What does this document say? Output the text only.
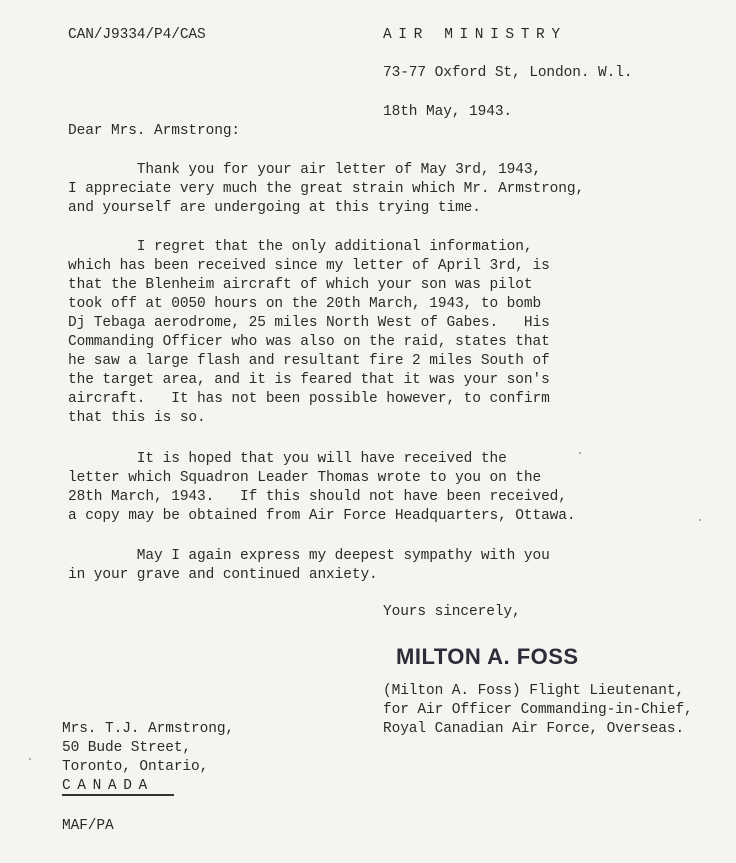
CAN/J9334/P4/CAS	AIR MINISTRY
73-77 Oxford St, London. W.l.
18th May, 1943.
Dear Mrs. Armstrong:
Thank you for your air letter of May 3rd, 1943,
I appreciate very much the great strain which Mr. Armstrong,
and yourself are undergoing at this trying time.
I regret that the only additional information,
which has been received since my letter of April 3rd, is
that the Blenheim aircraft of which your son was pilot
took off at 0050 hours on the 20th March, 1943, to bomb
Dj Tebaga aerodrome, 25 miles North West of Gabes.   His
Commanding Officer who was also on the raid, states that
he saw a large flash and resultant fire 2 miles South of
the target area, and it is feared that it was your son's
aircraft.   It has not been possible however, to confirm
that this is so.
It is hoped that you will have received the
letter which Squadron Leader Thomas wrote to you on the
28th March, 1943.   If this should not have been received,
a copy may be obtained from Air Force Headquarters, Ottawa.
May I again express my deepest sympathy with you
in your grave and continued anxiety.
Yours sincerely,
MILTON A. FOSS
(Milton A. Foss) Flight Lieutenant,
for Air Officer Commanding-in-Chief,
Royal Canadian Air Force, Overseas.
Mrs. T.J. Armstrong,
50 Bude Street,
Toronto, Ontario,
CANADA
MAF/PA
